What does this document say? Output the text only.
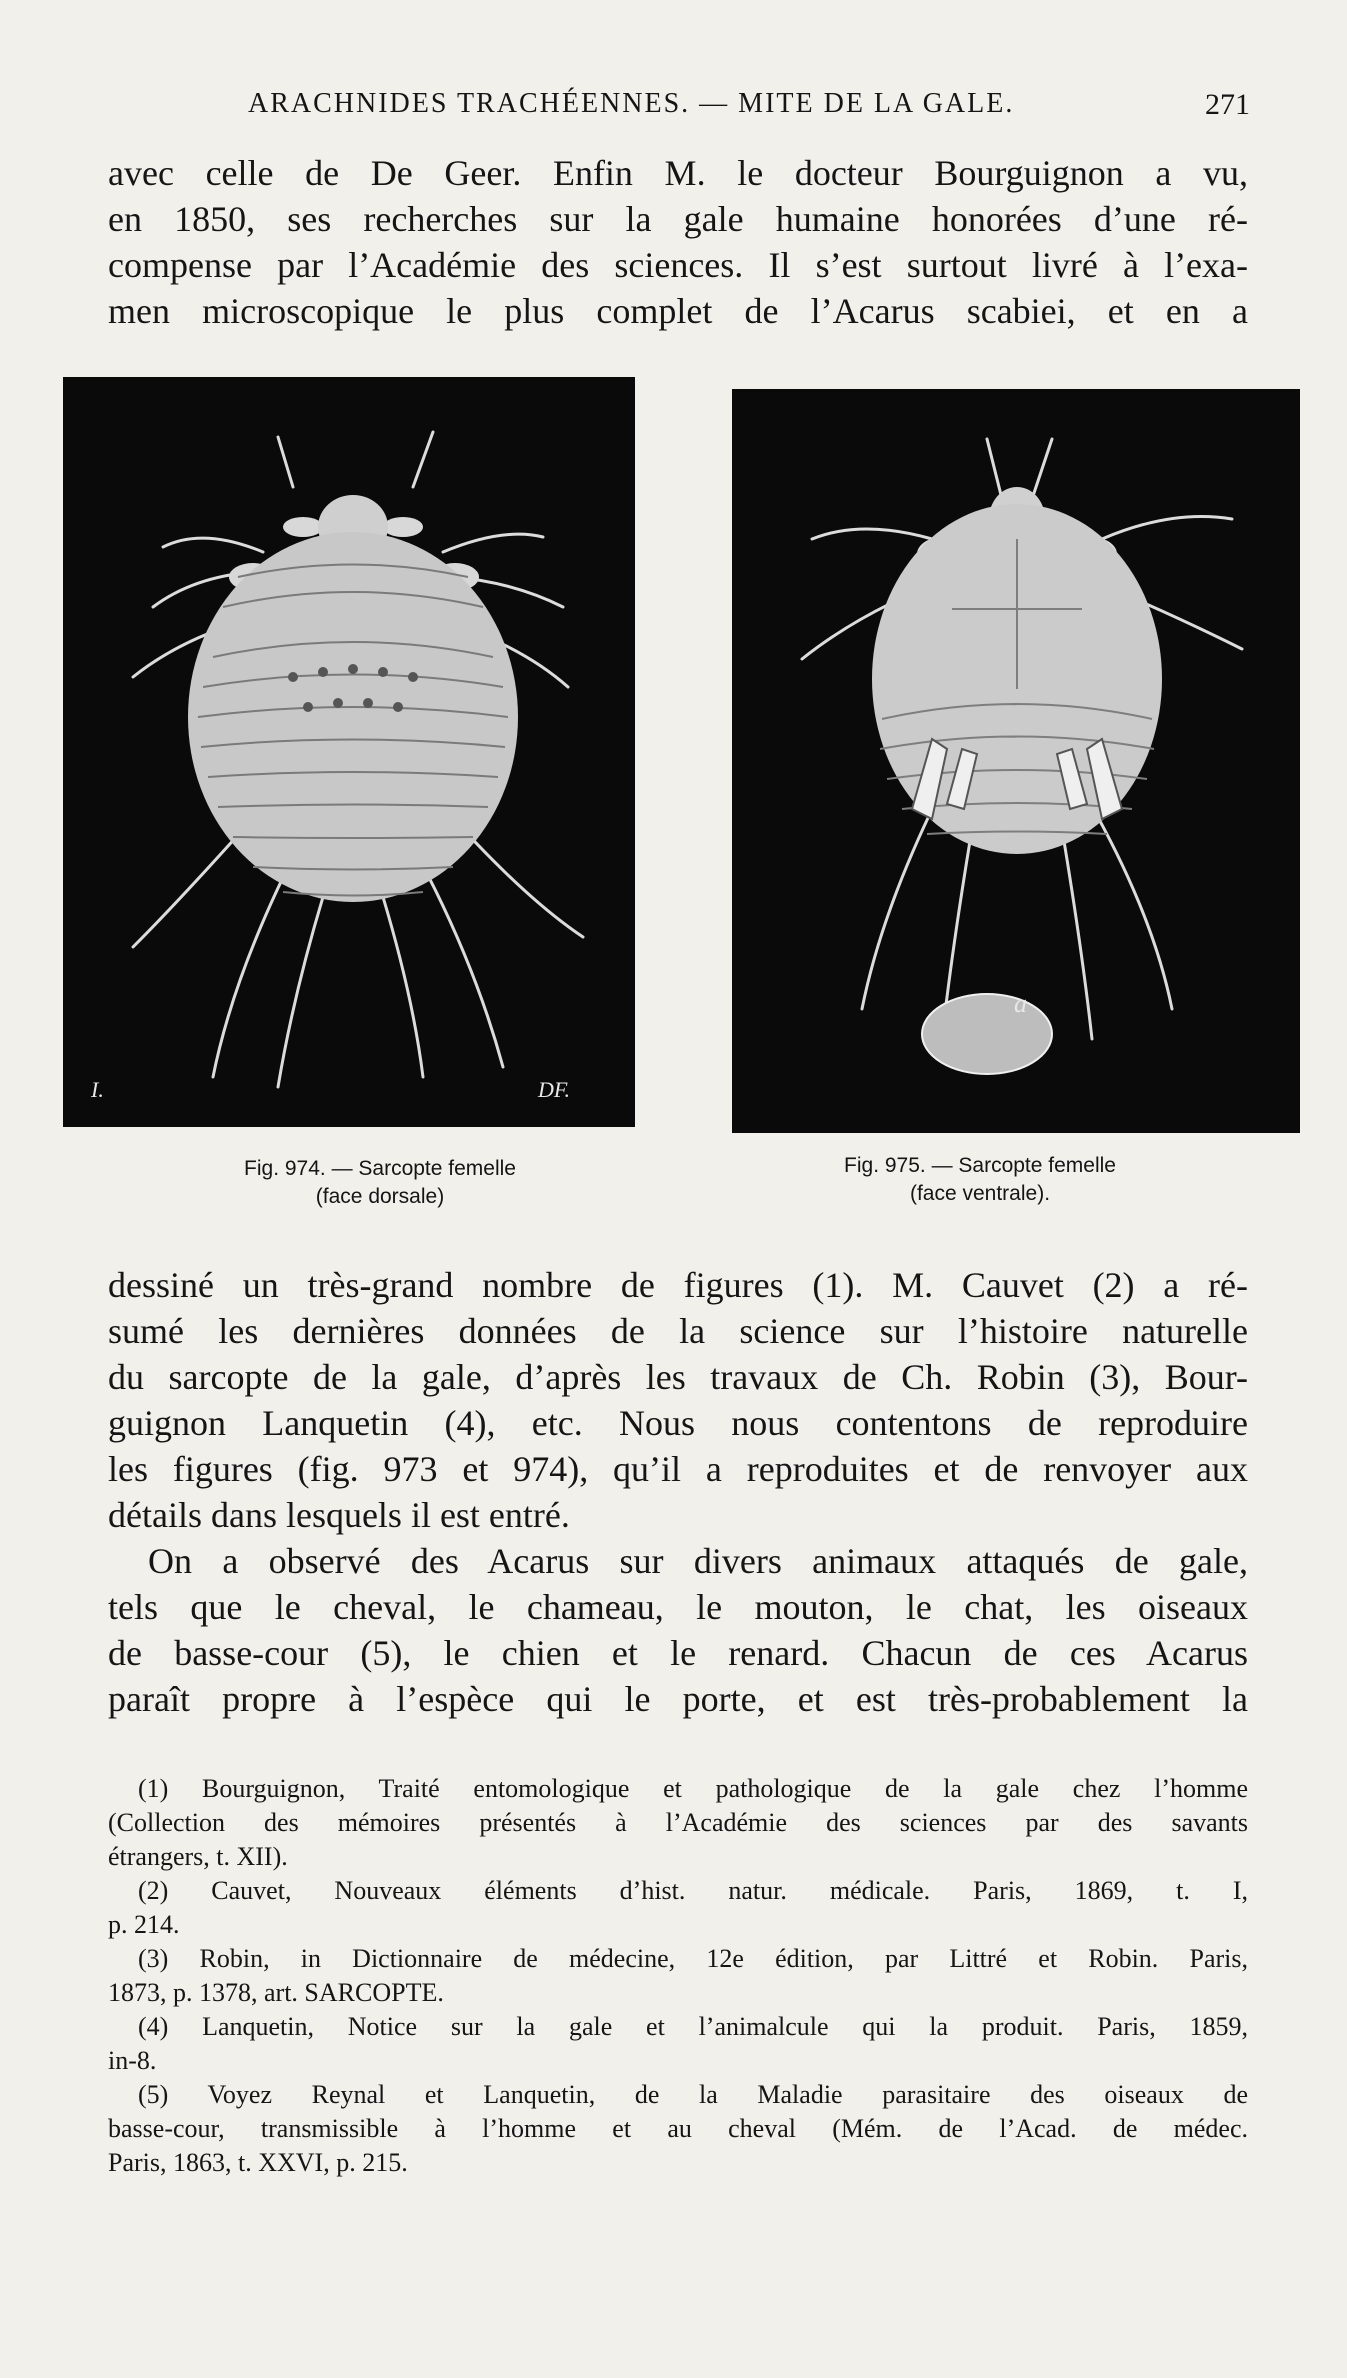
ARACHNIDES TRACHÉENNES. — MITE DE LA GALE.	271
avec celle de De Geer. Enfin M. le docteur Bourguignon a vu,
en 1850, ses recherches sur la gale humaine honorées d’une ré-
compense par l’Académie des sciences. Il s’est surtout livré à l’exa-
men microscopique le plus complet de l’Acarus scabiei, et en a
I.	DF.
Fig. 974. — Sarcopte femelle
(face dorsale)
a
Fig. 975. — Sarcopte femelle
(face ventrale).
dessiné un très-grand nombre de figures (1). M. Cauvet (2) a ré-
sumé les dernières données de la science sur l’histoire naturelle
du sarcopte de la gale, d’après les travaux de Ch. Robin (3), Bour-
guignon Lanquetin (4), etc. Nous nous contentons de reproduire
les figures (fig. 973 et 974), qu’il a reproduites et de renvoyer aux
détails dans lesquels il est entré.
On a observé des Acarus sur divers animaux attaqués de gale,
tels que le cheval, le chameau, le mouton, le chat, les oiseaux
de basse-cour (5), le chien et le renard. Chacun de ces Acarus
paraît propre à l’espèce qui le porte, et est très-probablement la
(1) Bourguignon, Traité entomologique et pathologique de la gale chez l’homme
(Collection des mémoires présentés à l’Académie des sciences par des savants
étrangers, t. XII).
(2) Cauvet, Nouveaux éléments d’hist. natur. médicale. Paris, 1869, t. I,
p. 214.
(3) Robin, in Dictionnaire de médecine, 12e édition, par Littré et Robin. Paris,
1873, p. 1378, art. SARCOPTE.
(4) Lanquetin, Notice sur la gale et l’animalcule qui la produit. Paris, 1859,
in-8.
(5) Voyez Reynal et Lanquetin, de la Maladie parasitaire des oiseaux de
basse-cour, transmissible à l’homme et au cheval (Mém. de l’Acad. de médec.
Paris, 1863, t. XXVI, p. 215.
